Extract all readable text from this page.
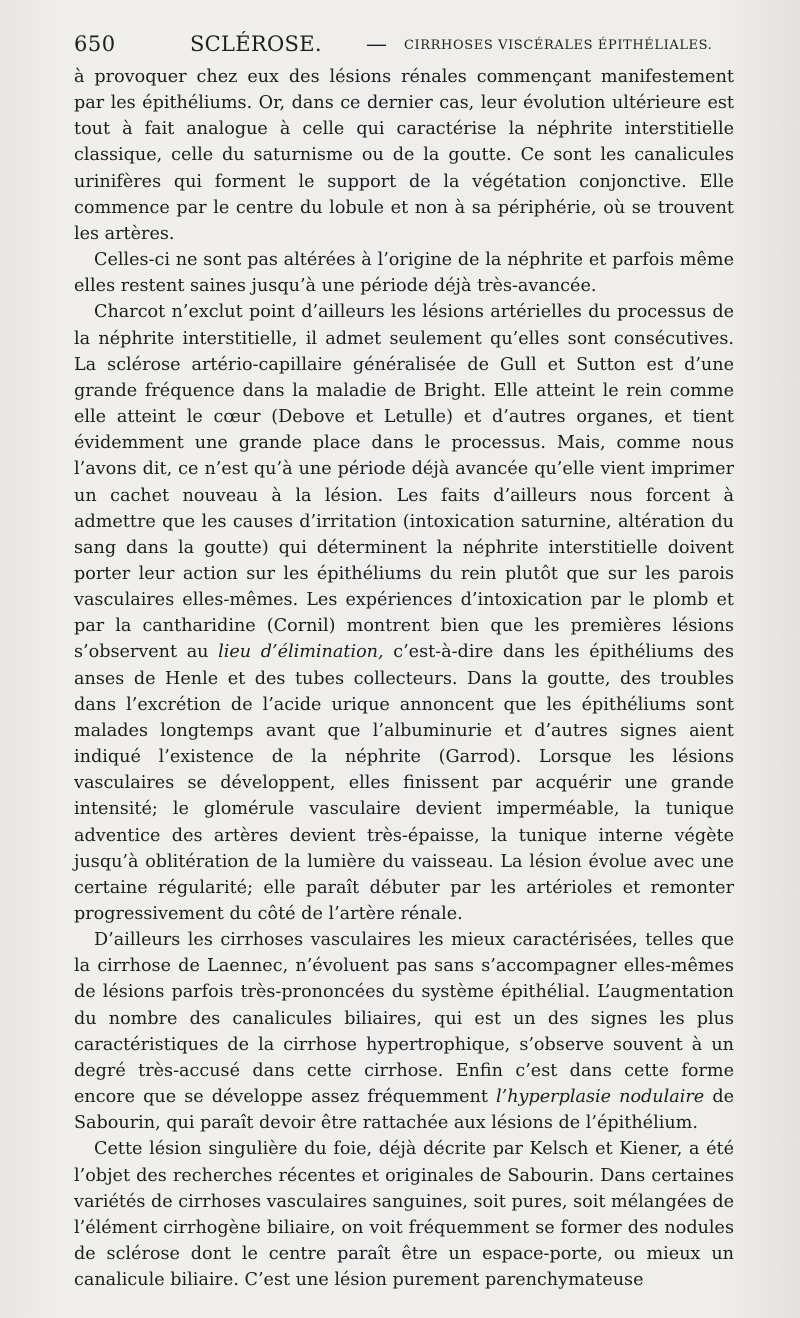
650	SCLÉROSE. — CIRRHOSES VISCÉRALES ÉPITHÉLIALES.

à provoquer chez eux des lésions rénales commençant manifestement par les épithéliums. Or, dans ce dernier cas, leur évolution ultérieure est tout à fait analogue à celle qui caractérise la néphrite interstitielle classique, celle du saturnisme ou de la goutte. Ce sont les canalicules urinifères qui forment le support de la végétation conjonctive. Elle commence par le centre du lobule et non à sa périphérie, où se trouvent les artères.

Celles-ci ne sont pas altérées à l’origine de la néphrite et parfois même elles restent saines jusqu’à une période déjà très-avancée.

Charcot n’exclut point d’ailleurs les lésions artérielles du processus de la néphrite interstitielle, il admet seulement qu’elles sont consécutives. La sclérose artério-capillaire généralisée de Gull et Sutton est d’une grande fréquence dans la maladie de Bright. Elle atteint le rein comme elle atteint le cœur (Debove et Letulle) et d’autres organes, et tient évidemment une grande place dans le processus. Mais, comme nous l’avons dit, ce n’est qu’à une période déjà avancée qu’elle vient imprimer un cachet nouveau à la lésion. Les faits d’ailleurs nous forcent à admettre que les causes d’irritation (intoxication saturnine, altération du sang dans la goutte) qui déterminent la néphrite interstitielle doivent porter leur action sur les épithéliums du rein plutôt que sur les parois vasculaires elles-mêmes. Les expériences d’intoxication par le plomb et par la cantharidine (Cornil) montrent bien que les premières lésions s’observent au lieu d’élimination, c’est-à-dire dans les épithéliums des anses de Henle et des tubes collecteurs. Dans la goutte, des troubles dans l’excrétion de l’acide urique annoncent que les épithéliums sont malades longtemps avant que l’albuminurie et d’autres signes aient indiqué l’existence de la néphrite (Garrod). Lorsque les lésions vasculaires se développent, elles finissent par acquérir une grande intensité; le glomérule vasculaire devient imperméable, la tunique adventice des artères devient très-épaisse, la tunique interne végète jusqu’à oblitération de la lumière du vaisseau. La lésion évolue avec une certaine régularité; elle paraît débuter par les artérioles et remonter progressivement du côté de l’artère rénale.

D’ailleurs les cirrhoses vasculaires les mieux caractérisées, telles que la cirrhose de Laennec, n’évoluent pas sans s’accompagner elles-mêmes de lésions parfois très-prononcées du système épithélial. L’augmentation du nombre des canalicules biliaires, qui est un des signes les plus caractéristiques de la cirrhose hypertrophique, s’observe souvent à un degré très-accusé dans cette cirrhose. Enfin c’est dans cette forme encore que se développe assez fréquemment l’hyperplasie nodulaire de Sabourin, qui paraît devoir être rattachée aux lésions de l’épithélium.

Cette lésion singulière du foie, déjà décrite par Kelsch et Kiener, a été l’objet des recherches récentes et originales de Sabourin. Dans certaines variétés de cirrhoses vasculaires sanguines, soit pures, soit mélangées de l’élément cirrhogène biliaire, on voit fréquemment se former des nodules de sclérose dont le centre paraît être un espace-porte, ou mieux un canalicule biliaire. C’est une lésion purement parenchymateuse
